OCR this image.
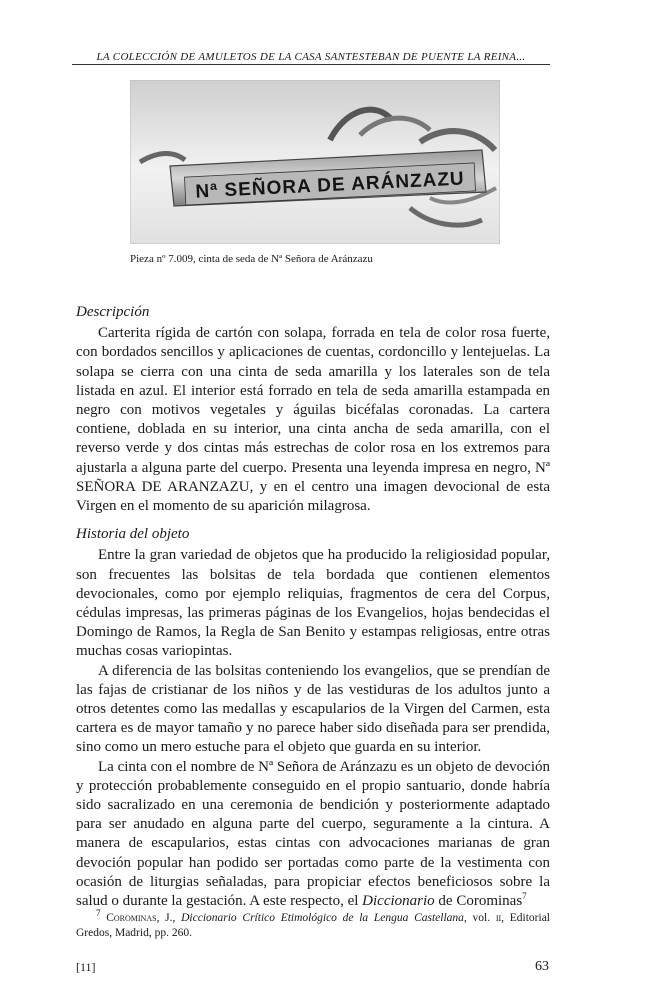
LA COLECCIÓN DE AMULETOS DE LA CASA SANTESTEBAN DE PUENTE LA REINA...
Nª SEÑORA DE ARÁNZAZU
Pieza nº 7.009, cinta de seda de Nª Señora de Aránzazu
Descripción

Carterita rígida de cartón con solapa, forrada en tela de color rosa fuerte, con bordados sencillos y aplicaciones de cuentas, cordoncillo y lentejuelas. La solapa se cierra con una cinta de seda amarilla y los laterales son de tela listada en azul. El interior está forrado en tela de seda amarilla estampada en negro con motivos vegetales y águilas bicéfalas coronadas. La cartera contiene, doblada en su interior, una cinta ancha de seda amarilla, con el reverso verde y dos cintas más estrechas de color rosa en los extremos para ajustarla a alguna parte del cuerpo. Presenta una leyenda impresa en negro, Nª SEÑORA DE ARANZAZU, y en el centro una imagen devocional de esta Virgen en el momento de su aparición milagrosa.

Historia del objeto

Entre la gran variedad de objetos que ha producido la religiosidad popular, son frecuentes las bolsitas de tela bordada que contienen elementos devocionales, como por ejemplo reliquias, fragmentos de cera del Corpus, cédulas impresas, las primeras páginas de los Evangelios, hojas bendecidas el Domingo de Ramos, la Regla de San Benito y estampas religiosas, entre otras muchas cosas variopintas.

A diferencia de las bolsitas conteniendo los evangelios, que se prendían de las fajas de cristianar de los niños y de las vestiduras de los adultos junto a otros detentes como las medallas y escapularios de la Virgen del Carmen, esta cartera es de mayor tamaño y no parece haber sido diseñada para ser prendida, sino como un mero estuche para el objeto que guarda en su interior.

La cinta con el nombre de Nª Señora de Aránzazu es un objeto de devoción y protección probablemente conseguido en el propio santuario, donde habría sido sacralizado en una ceremonia de bendición y posteriormente adaptado para ser anudado en alguna parte del cuerpo, seguramente a la cintura. A manera de escapularios, estas cintas con advocaciones marianas de gran devoción popular han podido ser portadas como parte de la vestimenta con ocasión de liturgias señaladas, para propiciar efectos beneficiosos sobre la salud o durante la gestación. A este respecto, el Diccionario de Corominas$^7$

$^7$ Corominas, J., Diccionario Crítico Etimológico de la Lengua Castellana, vol. ii, Editorial Gredos, Madrid, pp. 260.
[11]	63
